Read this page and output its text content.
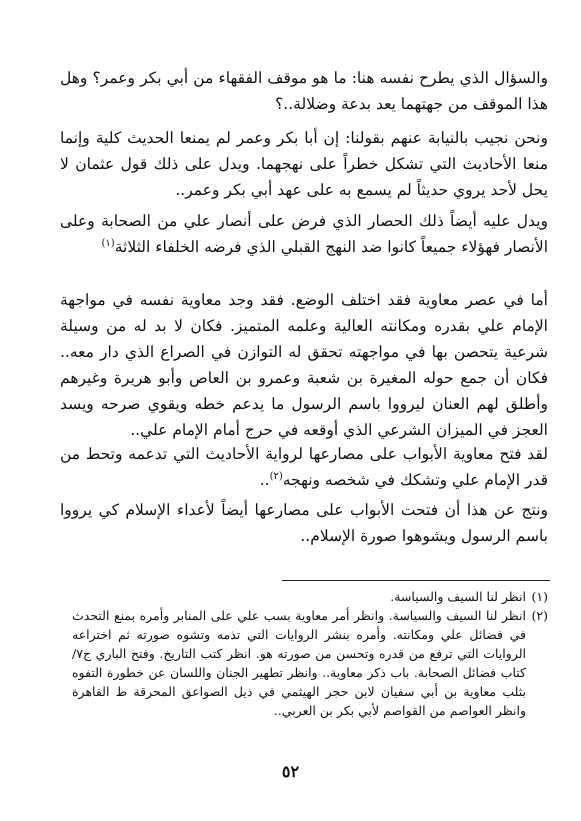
والسؤال الذي يطرح نفسه هنا: ما هو موقف الفقهاء من أبي بكر وعمر؟ وهل هذا الموقف من جهتهما يعد بدعة وضلالة..؟

ونحن نجيب بالنيابة عنهم بقولنا: إن أبا بكر وعمر لم يمنعا الحديث كلية وإنما منعا الأحاديث التي تشكل خطراً على نهجهما. ويدل على ذلك قول عثمان لا يحل لأحد يروي حديثاً لم يسمع به على عهد أبي بكر وعمر..

ويدل عليه أيضاً ذلك الحصار الذي فرض على أنصار علي من الصحابة وعلى الأنصار فهؤلاء جميعاً كانوا ضد النهج القبلي الذي فرضه الخلفاء الثلاثة$^{(١)}$

أما في عصر معاوية فقد اختلف الوضع. فقد وجد معاوية نفسه في مواجهة الإمام علي بقدره ومكانته العالية وعلمه المتميز. فكان لا بد له من وسيلة شرعية يتحصن بها في مواجهته تحقق له التوازن في الصراع الذي دار معه.. فكان أن جمع حوله المغيرة بن شعبة وعمرو بن العاص وأبو هريرة وغيرهم وأطلق لهم العنان ليرووا باسم الرسول ما يدعم خطه ويقوي صرحه ويسد العجز في الميزان الشرعي الذي أوقعه في حرج أمام الإمام علي..

لقد فتح معاوية الأبواب على مصارعها لرواية الأحاديث التي تدعمه وتحط من قدر الإمام علي وتشكك في شخصه ونهجه$^{(٢)}$..

ونتج عن هذا أن فتحت الأبواب على مصارعها أيضاً لأعداء الإسلام كي يرووا باسم الرسول ويشوهوا صورة الإسلام..

(١)
انظر لنا السيف والسياسة.
(٢)
انظر لنا السيف والسياسة. وانظر أمر معاوية بسب علي على المنابر وأمره بمنع التحدث في فضائل علي ومكانته. وأمره بنشر الروايات التي تذمه وتشوه صورته ثم اختراعه الروايات التي ترفع من قدره وتحسن من صورته هو. انظر كتب التاريخ. وفتح الباري ج٧/ كتاب فضائل الصحابة. باب ذكر معاوية.. وانظر تطهير الجنان واللسان عن خطورة التفوه بثلب معاوية بن أبي سفيان لابن حجر الهيثمي في ذيل الصواعق المحرقة ط القاهرة وانظر العواصم من القواصم لأبي بكر بن العربي..
٥٢
